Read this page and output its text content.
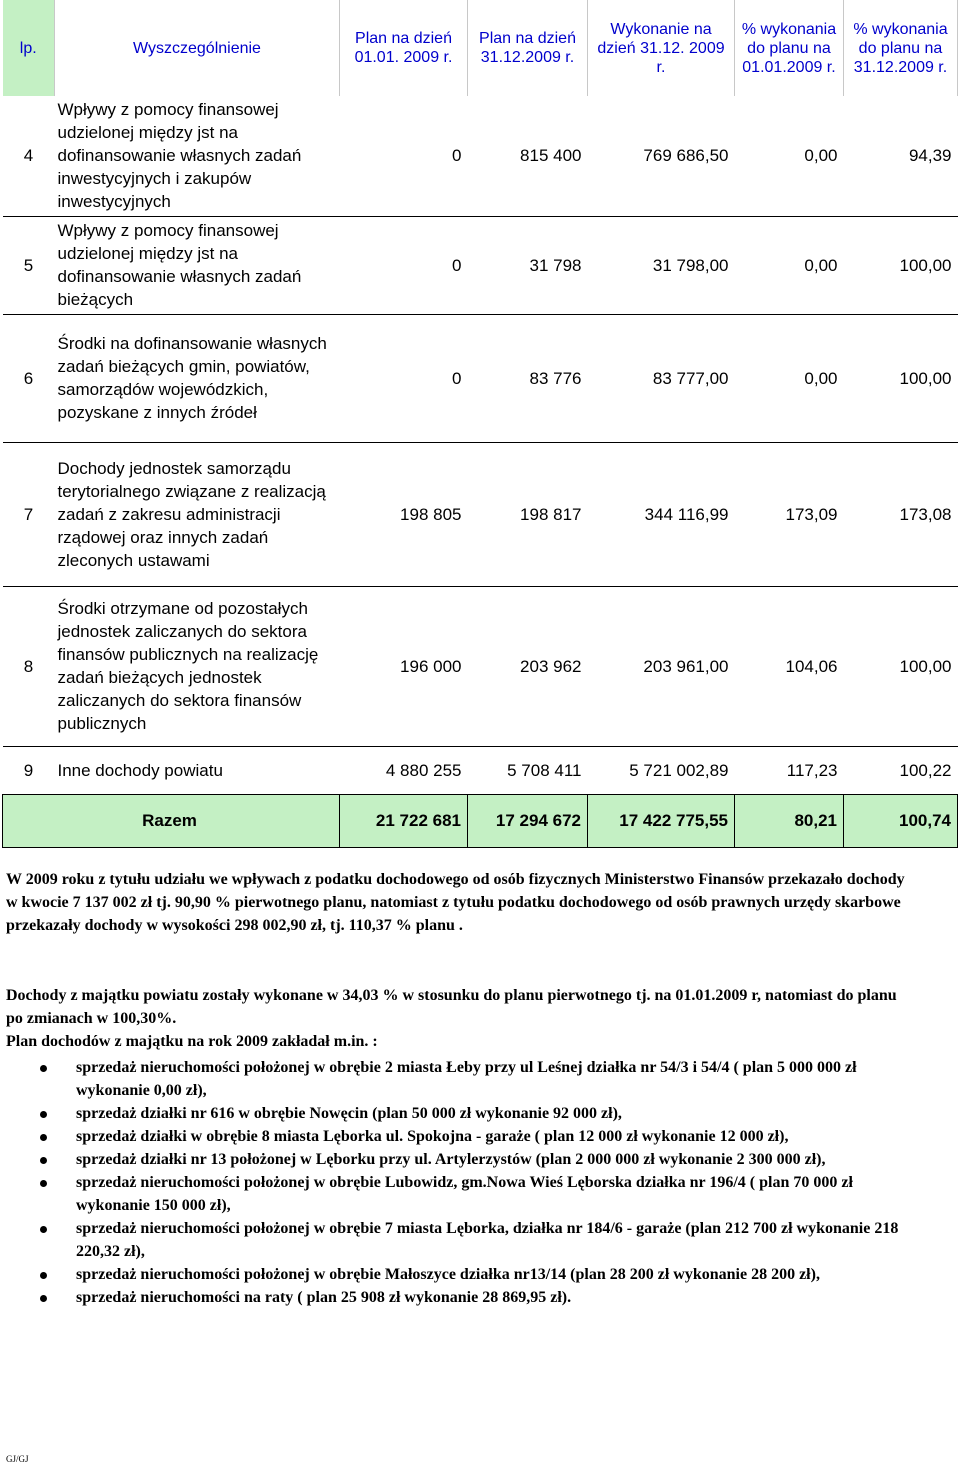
lp.	Wyszczególnienie	Plan na dzień 01.01. 2009 r.	Plan na dzień 31.12.2009 r.	Wykonanie na dzień 31.12. 2009 r.	% wykonania do planu na 01.01.2009 r.	% wykonania do planu na 31.12.2009 r.
4	Wpływy z pomocy finansowej udzielonej między jst na dofinansowanie własnych zadań inwestycyjnych i zakupów inwestycyjnych	0	815 400	769 686,50	0,00	94,39
5	Wpływy z pomocy finansowej udzielonej między jst na dofinansowanie własnych zadań bieżących	0	31 798	31 798,00	0,00	100,00
6	Środki na dofinansowanie własnych zadań bieżących gmin, powiatów, samorządów wojewódzkich, pozyskane z innych źródeł	0	83 776	83 777,00	0,00	100,00
7	Dochody jednostek samorządu terytorialnego związane z realizacją zadań z zakresu administracji rządowej oraz innych zadań zleconych ustawami	198 805	198 817	344 116,99	173,09	173,08
8	Środki otrzymane od pozostałych jednostek zaliczanych do sektora finansów publicznych na realizację zadań bieżących jednostek zaliczanych do sektora finansów publicznych	196 000	203 962	203 961,00	104,06	100,00
9	Inne dochody powiatu	4 880 255	5 708 411	5 721 002,89	117,23	100,22
Razem		21 722 681	17 294 672	17 422 775,55	80,21	100,74

W 2009 roku z tytułu udziału we wpływach z podatku dochodowego od osób fizycznych Ministerstwo Finansów przekazało dochody w kwocie 7 137 002 zł tj. 90,90 % pierwotnego planu, natomiast z tytułu podatku dochodowego od osób prawnych urzędy skarbowe przekazały dochody w wysokości 298 002,90 zł, tj. 110,37 % planu .

Dochody z majątku powiatu zostały wykonane w 34,03 % w stosunku do planu pierwotnego tj. na 01.01.2009 r, natomiast do planu po zmianach w 100,30%.

Plan dochodów z majątku na rok 2009 zakładał m.in. :

sprzedaż nieruchomości położonej w obrębie 2 miasta Łeby przy ul Leśnej działka nr 54/3 i 54/4 ( plan 5 000 000 zł wykonanie 0,00 zł),
sprzedaż działki nr 616 w obrębie Nowęcin (plan 50 000 zł wykonanie 92 000 zł),
sprzedaż działki w obrębie 8 miasta Lęborka ul. Spokojna - garaże ( plan 12 000 zł wykonanie 12 000 zł),
sprzedaż działki nr 13 położonej w Lęborku przy ul. Artylerzystów (plan 2 000 000 zł wykonanie 2 300 000 zł),
sprzedaż nieruchomości położonej w obrębie Lubowidz, gm.Nowa Wieś Lęborska działka nr 196/4 ( plan 70 000 zł wykonanie 150 000 zł),
sprzedaż nieruchomości położonej w obrębie 7 miasta Lęborka, działka nr 184/6 - garaże (plan 212 700 zł wykonanie 218 220,32 zł),
sprzedaż nieruchomości położonej w obrębie Małoszyce działka nr13/14 (plan 28 200 zł wykonanie 28 200 zł),
sprzedaż nieruchomości na raty ( plan 25 908 zł wykonanie 28 869,95 zł).
GJ/GJ
